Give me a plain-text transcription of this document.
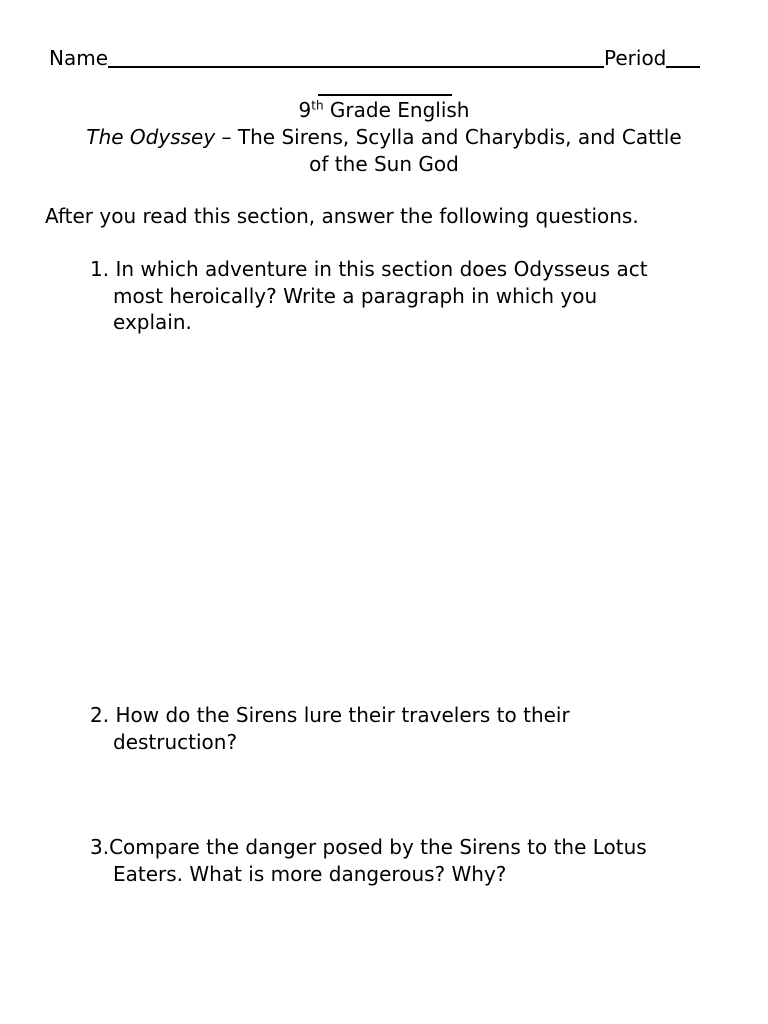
Name	Period
9th Grade English
The Odyssey – The Sirens, Scylla and Charybdis, and Cattle
of the Sun God
After you read this section, answer the following questions.
1. In which adventure in this section does Odysseus act
most heroically? Write a paragraph in which you
explain.
2. How do the Sirens lure their travelers to their
destruction?
3.Compare the danger posed by the Sirens to the Lotus
Eaters. What is more dangerous? Why?
